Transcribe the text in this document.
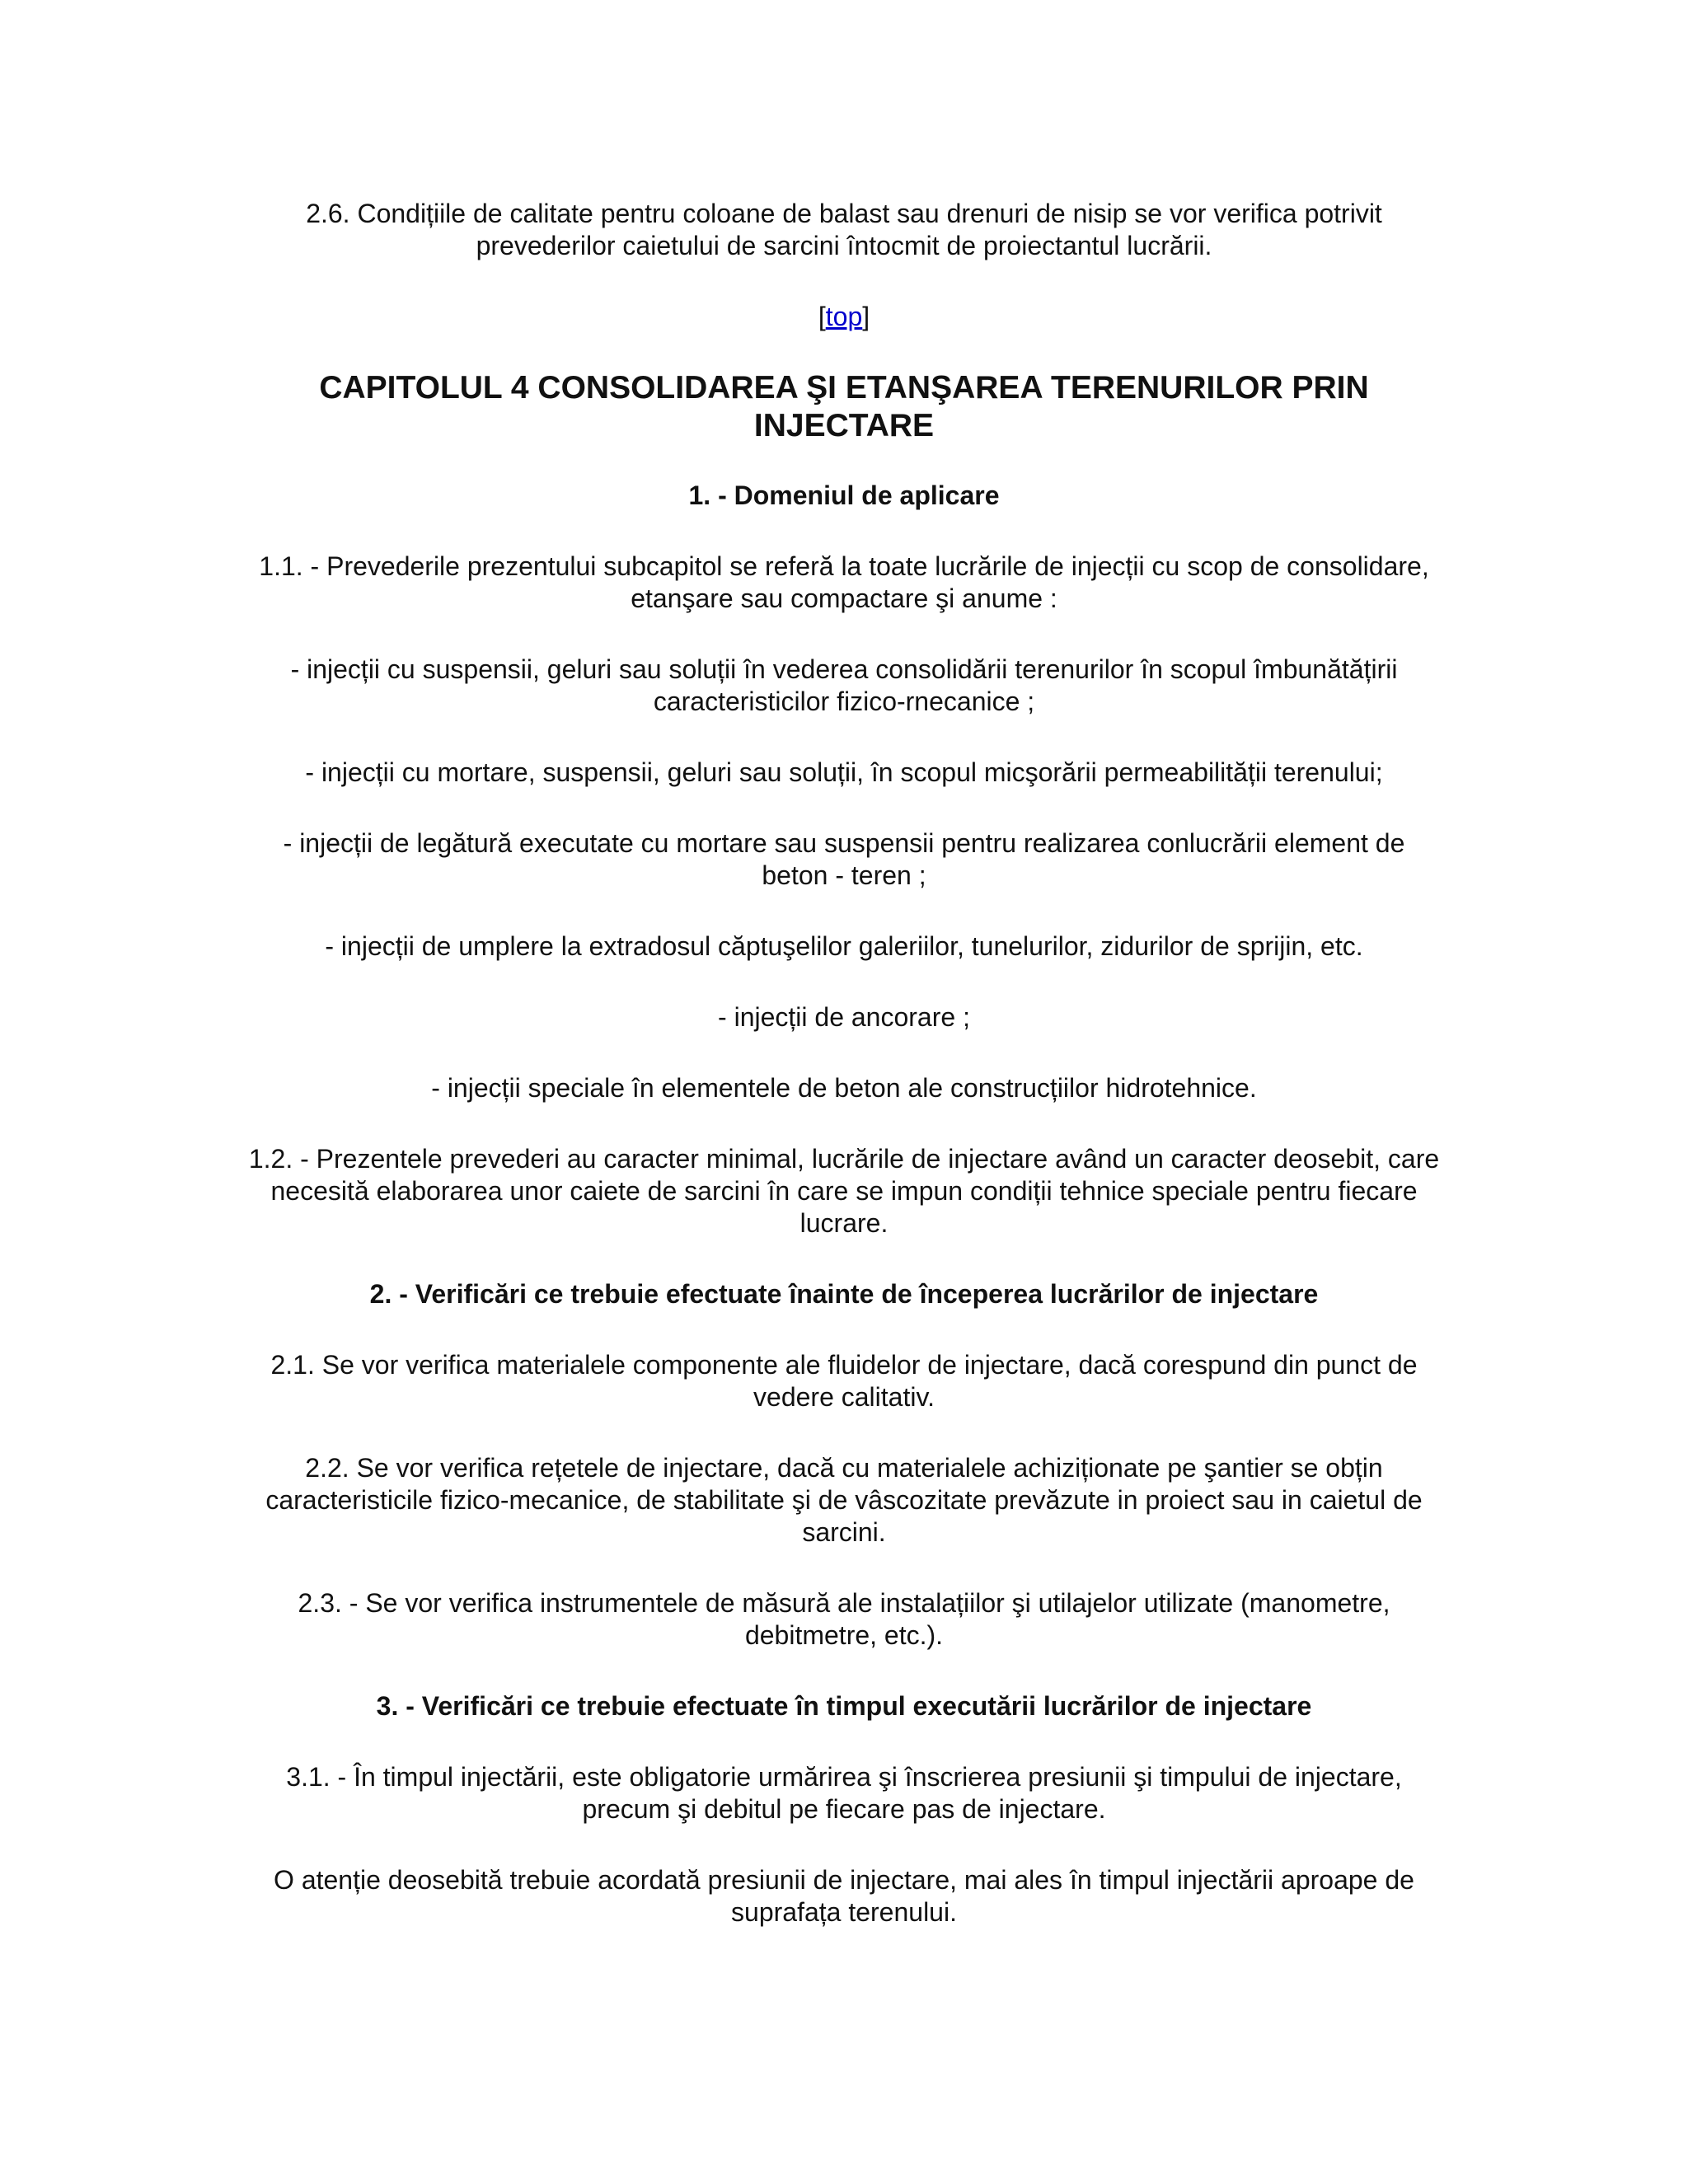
2.6. Condițiile de calitate pentru coloane de balast sau drenuri de nisip se vor verifica potrivit prevederilor caietului de sarcini întocmit de proiectantul lucrării.

[top]

CAPITOLUL 4 CONSOLIDAREA ŞI ETANŞAREA TERENURILOR PRIN INJECTARE
1. - Domeniul de aplicare

1.1. - Prevederile prezentului subcapitol se referă la toate lucrările de injecții cu scop de consolidare, etanşare sau compactare şi anume :

- injecții cu suspensii, geluri sau soluții în vederea consolidării terenurilor în scopul îmbunătățirii caracteristicilor fizico-rnecanice ;

- injecții cu mortare, suspensii, geluri sau soluții, în scopul micşorării permeabilității terenului;

- injecții de legătură executate cu mortare sau suspensii pentru realizarea conlucrării element de beton - teren ;

- injecții de umplere la extradosul căptuşelilor galeriilor, tunelurilor, zidurilor de sprijin, etc.

- injecții de ancorare ;

- injecții speciale în elementele de beton ale construcțiilor hidrotehnice.

1.2. - Prezentele prevederi au caracter minimal, lucrările de injectare având un caracter deosebit, care necesită elaborarea unor caiete de sarcini în care se impun condiții tehnice speciale pentru fiecare lucrare.

2. - Verificări ce trebuie efectuate înainte de începerea lucrărilor de injectare

2.1. Se vor verifica materialele componente ale fluidelor de injectare, dacă corespund din punct de vedere calitativ.

2.2. Se vor verifica rețetele de injectare, dacă cu materialele achiziționate pe şantier se obțin caracteristicile fizico-mecanice, de stabilitate şi de vâscozitate prevăzute in proiect sau in caietul de sarcini.

2.3. - Se vor verifica instrumentele de măsură ale instalațiilor şi utilajelor utilizate (manometre, debitmetre, etc.).

3. - Verificări ce trebuie efectuate în timpul executării lucrărilor de injectare

3.1. - În timpul injectării, este obligatorie urmărirea şi înscrierea presiunii şi timpului de injectare, precum şi debitul pe fiecare pas de injectare.

O atenție deosebită trebuie acordată presiunii de injectare, mai ales în timpul injectării aproape de suprafața terenului.
